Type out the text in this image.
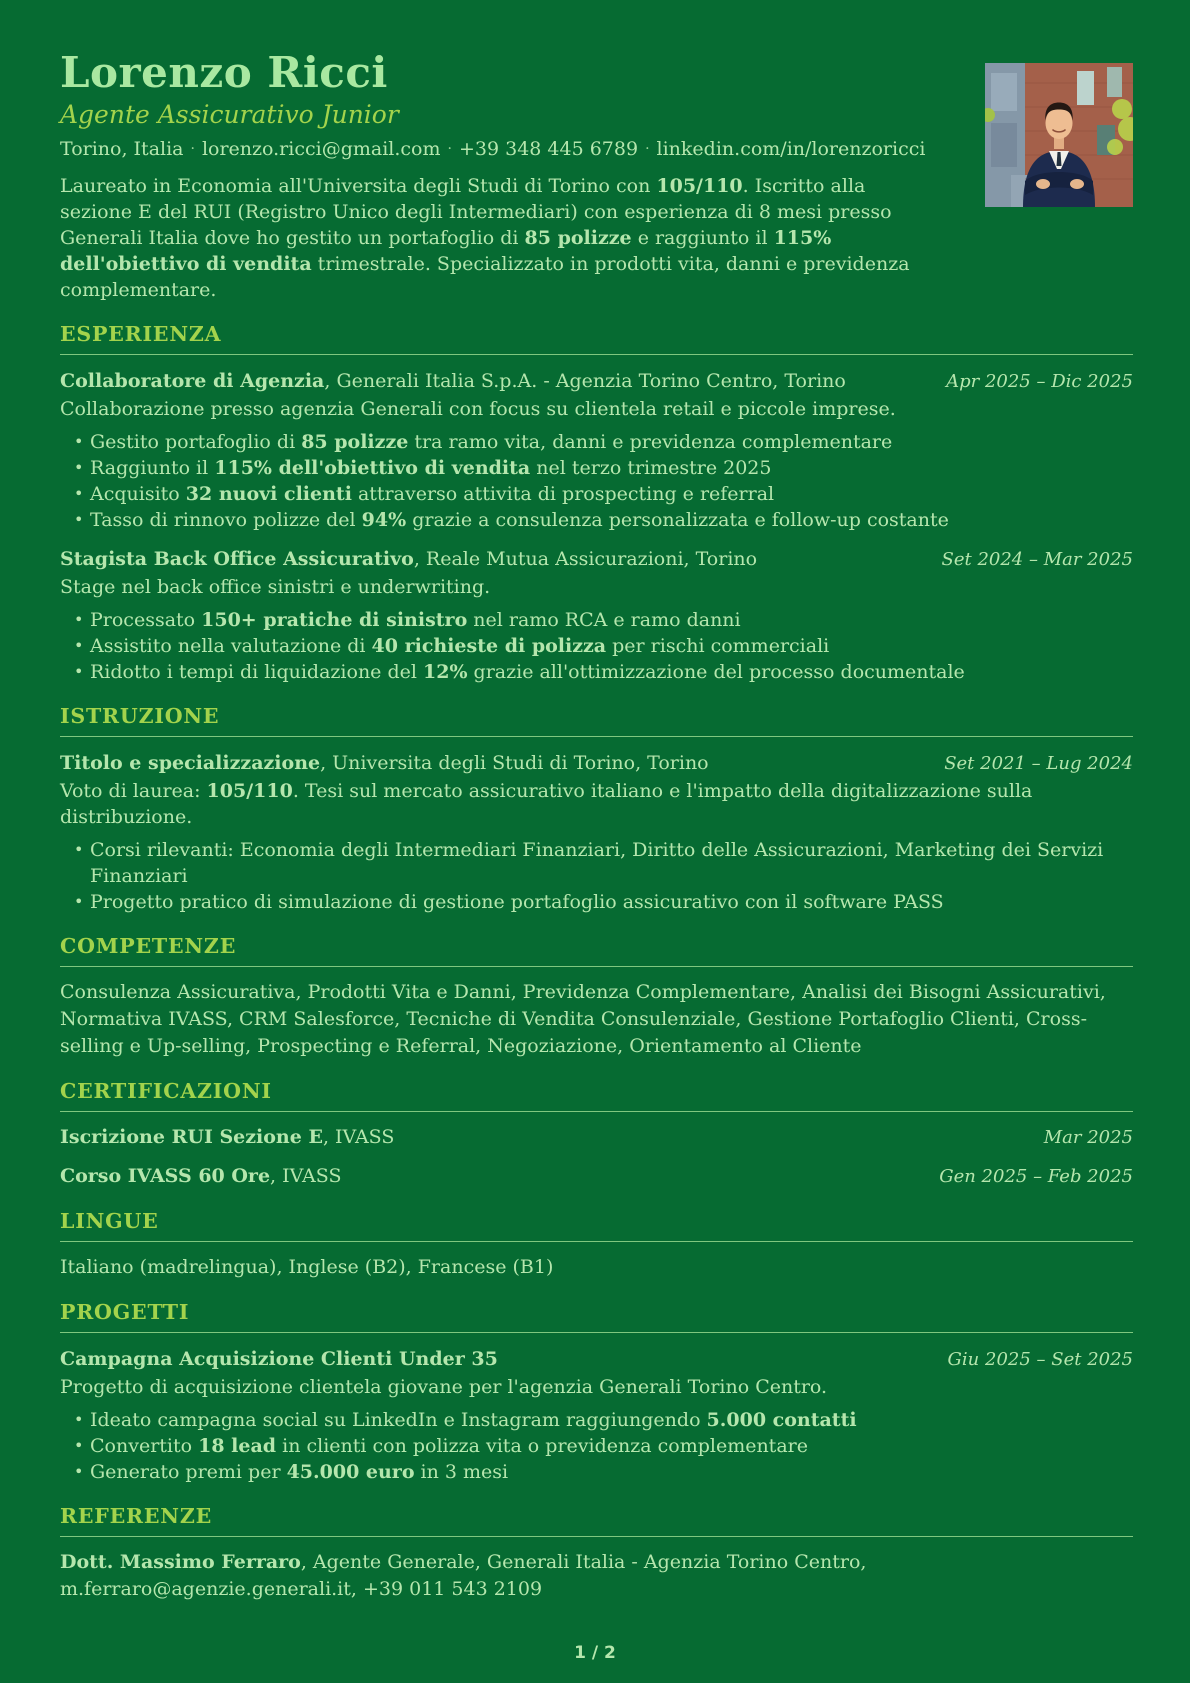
Lorenzo Ricci
Agente Assicurativo Junior
Torino, Italia · lorenzo.ricci@gmail.com · +39 348 445 6789 · linkedin.com/in/lorenzoricci

Laureato in Economia all'Universita degli Studi di Torino con 105/110. Iscritto alla sezione E del RUI (Registro Unico degli Intermediari) con esperienza di 8 mesi presso Generali Italia dove ho gestito un portafoglio di 85 polizze e raggiunto il 115% dell'obiettivo di vendita trimestrale. Specializzato in prodotti vita, danni e previdenza complementare.

ESPERIENZA

Collaboratore di Agenzia, Generali Italia S.p.A. - Agenzia Torino Centro, Torino	Apr 2025 – Dic 2025

Collaborazione presso agenzia Generali con focus su clientela retail e piccole imprese.

• Gestito portafoglio di 85 polizze tra ramo vita, danni e previdenza complementare
• Raggiunto il 115% dell'obiettivo di vendita nel terzo trimestre 2025
• Acquisito 32 nuovi clienti attraverso attivita di prospecting e referral
• Tasso di rinnovo polizze del 94% grazie a consulenza personalizzata e follow-up costante

Stagista Back Office Assicurativo, Reale Mutua Assicurazioni, Torino	Set 2024 – Mar 2025

Stage nel back office sinistri e underwriting.

• Processato 150+ pratiche di sinistro nel ramo RCA e ramo danni
• Assistito nella valutazione di 40 richieste di polizza per rischi commerciali
• Ridotto i tempi di liquidazione del 12% grazie all'ottimizzazione del processo documentale
ISTRUZIONE

Titolo e specializzazione, Universita degli Studi di Torino, Torino	Set 2021 – Lug 2024

Voto di laurea: 105/110. Tesi sul mercato assicurativo italiano e l'impatto della digitalizzazione sulla distribuzione.

• Corsi rilevanti: Economia degli Intermediari Finanziari, Diritto delle Assicurazioni, Marketing dei Servizi Finanziari
• Progetto pratico di simulazione di gestione portafoglio assicurativo con il software PASS
COMPETENZE

Consulenza Assicurativa, Prodotti Vita e Danni, Previdenza Complementare, Analisi dei Bisogni Assicurativi, Normativa IVASS, CRM Salesforce, Tecniche di Vendita Consulenziale, Gestione Portafoglio Clienti, Cross-selling e Up-selling, Prospecting e Referral, Negoziazione, Orientamento al Cliente

CERTIFICAZIONI

Iscrizione RUI Sezione E, IVASS	Mar 2025

Corso IVASS 60 Ore, IVASS	Gen 2025 – Feb 2025
LINGUE

Italiano (madrelingua), Inglese (B2), Francese (B1)

PROGETTI

Campagna Acquisizione Clienti Under 35	Giu 2025 – Set 2025

Progetto di acquisizione clientela giovane per l'agenzia Generali Torino Centro.

• Ideato campagna social su LinkedIn e Instagram raggiungendo 5.000 contatti
• Convertito 18 lead in clienti con polizza vita o previdenza complementare
• Generato premi per 45.000 euro in 3 mesi
REFERENZE

Dott. Massimo Ferraro, Agente Generale, Generali Italia - Agenzia Torino Centro, m.ferraro@agenzie.generali.it, +39 011 543 2109

1 / 2
